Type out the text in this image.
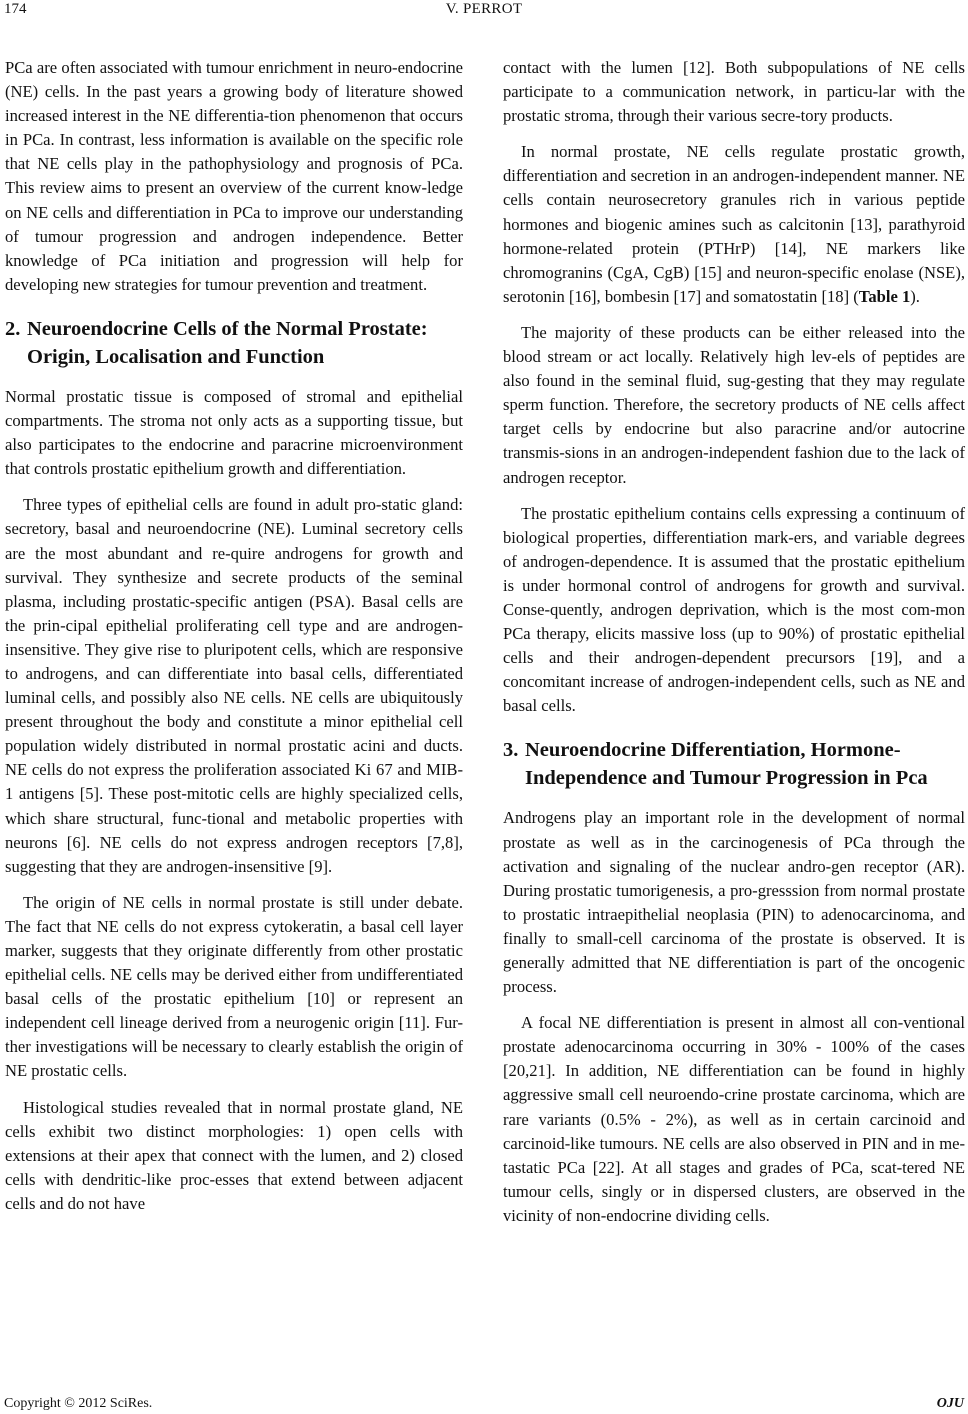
174	V. PERROT

PCa are often associated with tumour enrichment in neuro-endocrine (NE) cells. In the past years a growing body of literature showed increased interest in the NE differentia-tion phenomenon that occurs in PCa. In contrast, less information is available on the specific role that NE cells play in the pathophysiology and prognosis of PCa. This review aims to present an overview of the current know-ledge on NE cells and differentiation in PCa to improve our understanding of tumour progression and androgen independence. Better knowledge of PCa initiation and progression will help for developing new strategies for tumour prevention and treatment.

2. Neuroendocrine Cells of the Normal Prostate: Origin, Localisation and Function

Normal prostatic tissue is composed of stromal and epithelial compartments. The stroma not only acts as a supporting tissue, but also participates to the endocrine and paracrine microenvironment that controls prostatic epithelium growth and differentiation.

Three types of epithelial cells are found in adult pro-static gland: secretory, basal and neuroendocrine (NE). Luminal secretory cells are the most abundant and re-quire androgens for growth and survival. They synthesize and secrete products of the seminal plasma, including prostatic-specific antigen (PSA). Basal cells are the prin-cipal epithelial proliferating cell type and are androgen-insensitive. They give rise to pluripotent cells, which are responsive to androgens, and can differentiate into basal cells, differentiated luminal cells, and possibly also NE cells. NE cells are ubiquitously present throughout the body and constitute a minor epithelial cell population widely distributed in normal prostatic acini and ducts. NE cells do not express the proliferation associated Ki 67 and MIB-1 antigens [5]. These post-mitotic cells are highly specialized cells, which share structural, func-tional and metabolic properties with neurons [6]. NE cells do not express androgen receptors [7,8], suggesting that they are androgen-insensitive [9].

The origin of NE cells in normal prostate is still under debate. The fact that NE cells do not express cytokeratin, a basal cell layer marker, suggests that they originate differently from other prostatic epithelial cells. NE cells may be derived either from undifferentiated basal cells of the prostatic epithelium [10] or represent an independent cell lineage derived from a neurogenic origin [11]. Fur-ther investigations will be necessary to clearly establish the origin of NE prostatic cells.

Histological studies revealed that in normal prostate gland, NE cells exhibit two distinct morphologies: 1) open cells with extensions at their apex that connect with the lumen, and 2) closed cells with dendritic-like proc-esses that extend between adjacent cells and do not have

contact with the lumen [12]. Both subpopulations of NE cells participate to a communication network, in particu-lar with the prostatic stroma, through their various secre-tory products.

In normal prostate, NE cells regulate prostatic growth, differentiation and secretion in an androgen-independent manner. NE cells contain neurosecretory granules rich in various peptide hormones and biogenic amines such as calcitonin [13], parathyroid hormone-related protein (PTHrP) [14], NE markers like chromogranins (CgA, CgB) [15] and neuron-specific enolase (NSE), serotonin [16], bombesin [17] and somatostatin [18] (Table 1).

The majority of these products can be either released into the blood stream or act locally. Relatively high lev-els of peptides are also found in the seminal fluid, sug-gesting that they may regulate sperm function. Therefore, the secretory products of NE cells affect target cells by endocrine but also paracrine and/or autocrine transmis-sions in an androgen-independent fashion due to the lack of androgen receptor.

The prostatic epithelium contains cells expressing a continuum of biological properties, differentiation mark-ers, and variable degrees of androgen-dependence. It is assumed that the prostatic epithelium is under hormonal control of androgens for growth and survival. Conse-quently, androgen deprivation, which is the most com-mon PCa therapy, elicits massive loss (up to 90%) of prostatic epithelial cells and their androgen-dependent precursors [19], and a concomitant increase of androgen-independent cells, such as NE and basal cells.

3. Neuroendocrine Differentiation, Hormone-Independence and Tumour Progression in Pca

Androgens play an important role in the development of normal prostate as well as in the carcinogenesis of PCa through the activation and signaling of the nuclear andro-gen receptor (AR). During prostatic tumorigenesis, a pro-gresssion from normal prostate to prostatic intraepithelial neoplasia (PIN) to adenocarcinoma, and finally to small-cell carcinoma of the prostate is observed. It is generally admitted that NE differentiation is part of the oncogenic process.

A focal NE differentiation is present in almost all con-ventional prostate adenocarcinoma occurring in 30% - 100% of the cases [20,21]. In addition, NE differentiation can be found in highly aggressive small cell neuroendo-crine prostate carcinoma, which are rare variants (0.5% - 2%), as well as in certain carcinoid and carcinoid-like tumours. NE cells are also observed in PIN and in me-tastatic PCa [22]. At all stages and grades of PCa, scat-tered NE tumour cells, singly or in dispersed clusters, are observed in the vicinity of non-endocrine dividing cells.

Copyright © 2012 SciRes.	OJU
